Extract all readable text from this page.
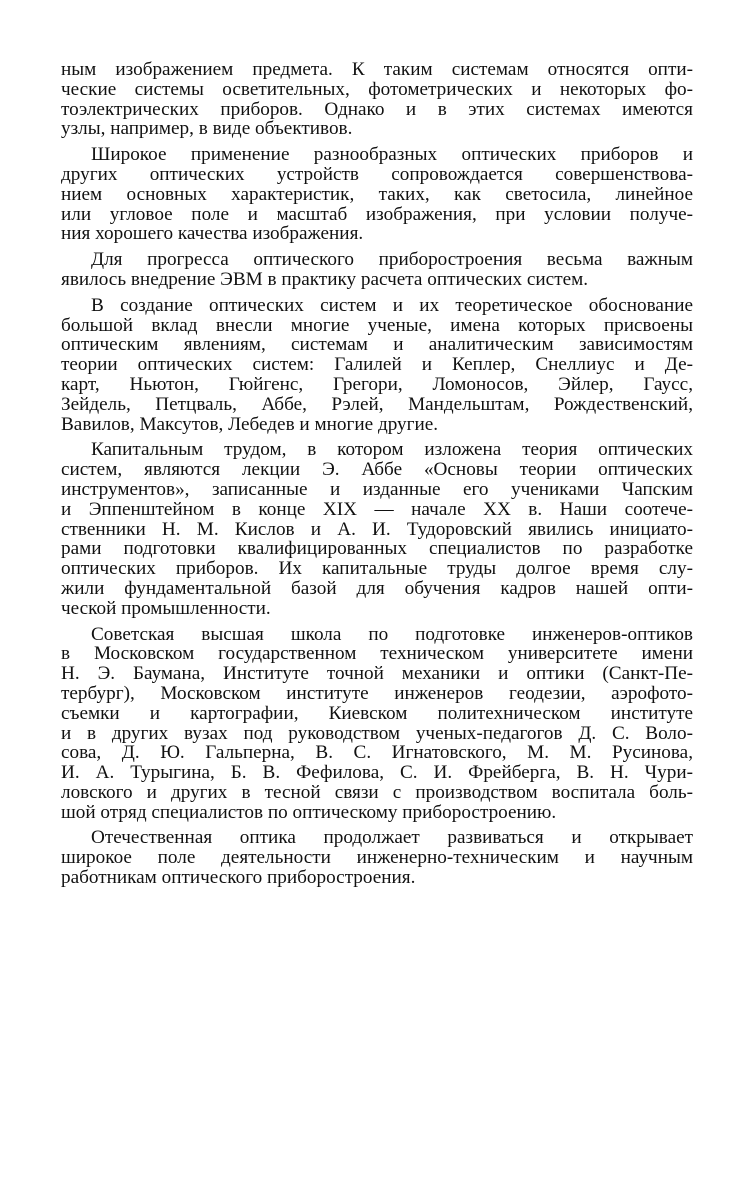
ным изображением предмета. К таким системам относятся опти-
ческие системы осветительных, фотометрических и некоторых фо-
тоэлектрических приборов. Однако и в этих системах имеются
узлы, например, в виде объективов.
Широкое применение разнообразных оптических приборов и
других оптических устройств сопровождается совершенствова-
нием основных характеристик, таких, как светосила, линейное
или угловое поле и масштаб изображения, при условии получе-
ния хорошего качества изображения.
Для прогресса оптического приборостроения весьма важным
явилось внедрение ЭВМ в практику расчета оптических систем.
В создание оптических систем и их теоретическое обоснование
большой вклад внесли многие ученые, имена которых присвоены
оптическим явлениям, системам и аналитическим зависимостям
теории оптических систем: Галилей и Кеплер, Снеллиус и Де-
карт, Ньютон, Гюйгенс, Грегори, Ломоносов, Эйлер, Гаусс,
Зейдель, Петцваль, Аббе, Рэлей, Мандельштам, Рождественский,
Вавилов, Максутов, Лебедев и многие другие.
Капитальным трудом, в котором изложена теория оптических
систем, являются лекции Э. Аббе «Основы теории оптических
инструментов», записанные и изданные его учениками Чапским
и Эппенштейном в конце XIX — начале XX в. Наши соотече-
ственники Н. М. Кислов и А. И. Тудоровский явились инициато-
рами подготовки квалифицированных специалистов по разработке
оптических приборов. Их капитальные труды долгое время слу-
жили фундаментальной базой для обучения кадров нашей опти-
ческой промышленности.
Советская высшая школа по подготовке инженеров-оптиков
в Московском государственном техническом университете имени
Н. Э. Баумана, Институте точной механики и оптики (Санкт-Пе-
тербург), Московском институте инженеров геодезии, аэрофото-
съемки и картографии, Киевском политехническом институте
и в других вузах под руководством ученых-педагогов Д. С. Воло-
сова, Д. Ю. Гальперна, В. С. Игнатовского, М. М. Русинова,
И. А. Турыгина, Б. В. Фефилова, С. И. Фрейберга, В. Н. Чури-
ловского и других в тесной связи с производством воспитала боль-
шой отряд специалистов по оптическому приборостроению.
Отечественная оптика продолжает развиваться и открывает
широкое поле деятельности инженерно-техническим и научным
работникам оптического приборостроения.
